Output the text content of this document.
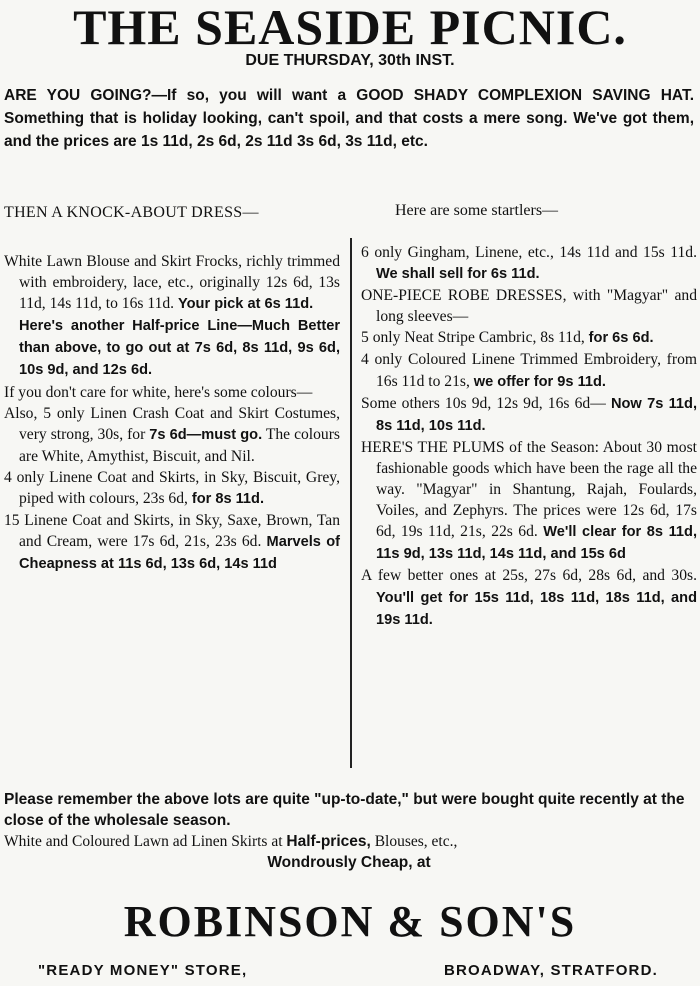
THE SEASIDE PICNIC.
DUE THURSDAY, 30th INST.
ARE YOU GOING?—If so, you will want a GOOD SHADY COMPLEXION SAVING HAT. Something that is holiday looking, can't spoil, and that costs a mere song. We've got them, and the prices are 1s 11d, 2s 6d, 2s 11d 3s 6d, 3s 11d, etc.
THEN A KNOCK-ABOUT DRESS—	Here are some startlers—

White Lawn Blouse and Skirt Frocks, richly trimmed with embroidery, lace, etc., originally 12s 6d, 13s 11d, 14s 11d, to 16s 11d. Your pick at 6s 11d.

Here's another Half-price Line—Much Better than above, to go out at 7s 6d, 8s 11d, 9s 6d, 10s 9d, and 12s 6d.

If you don't care for white, here's some colours—

Also, 5 only Linen Crash Coat and Skirt Costumes, very strong, 30s, for 7s 6d—must go. The colours are White, Amythist, Biscuit, and Nil.

4 only Linene Coat and Skirts, in Sky, Biscuit, Grey, piped with colours, 23s 6d, for 8s 11d.

15 Linene Coat and Skirts, in Sky, Saxe, Brown, Tan and Cream, were 17s 6d, 21s, 23s 6d. Marvels of Cheapness at 11s 6d, 13s 6d, 14s 11d

6 only Gingham, Linene, etc., 14s 11d and 15s 11d. We shall sell for 6s 11d.

ONE-PIECE ROBE DRESSES, with "Magyar" and long sleeves—

5 only Neat Stripe Cambric, 8s 11d, for 6s 6d.

4 only Coloured Linene Trimmed Embroidery, from 16s 11d to 21s, we offer for 9s 11d.

Some others 10s 9d, 12s 9d, 16s 6d— Now 7s 11d, 8s 11d, 10s 11d.

HERE'S THE PLUMS of the Season: About 30 most fashionable goods which have been the rage all the way. "Magyar" in Shantung, Rajah, Foulards, Voiles, and Zephyrs. The prices were 12s 6d, 17s 6d, 19s 11d, 21s, 22s 6d. We'll clear for 8s 11d, 11s 9d, 13s 11d, 14s 11d, and 15s 6d

A few better ones at 25s, 27s 6d, 28s 6d, and 30s. You'll get for 15s 11d, 18s 11d, 18s 11d, and 19s 11d.

Please remember the above lots are quite "up-to-date," but were bought quite recently at the close of the wholesale season.

White and Coloured Lawn ad Linen Skirts at Half-prices, Blouses, etc.,

Wondrously Cheap, at

ROBINSON & SON'S
"READY MONEY" STORE,	BROADWAY, STRATFORD.
